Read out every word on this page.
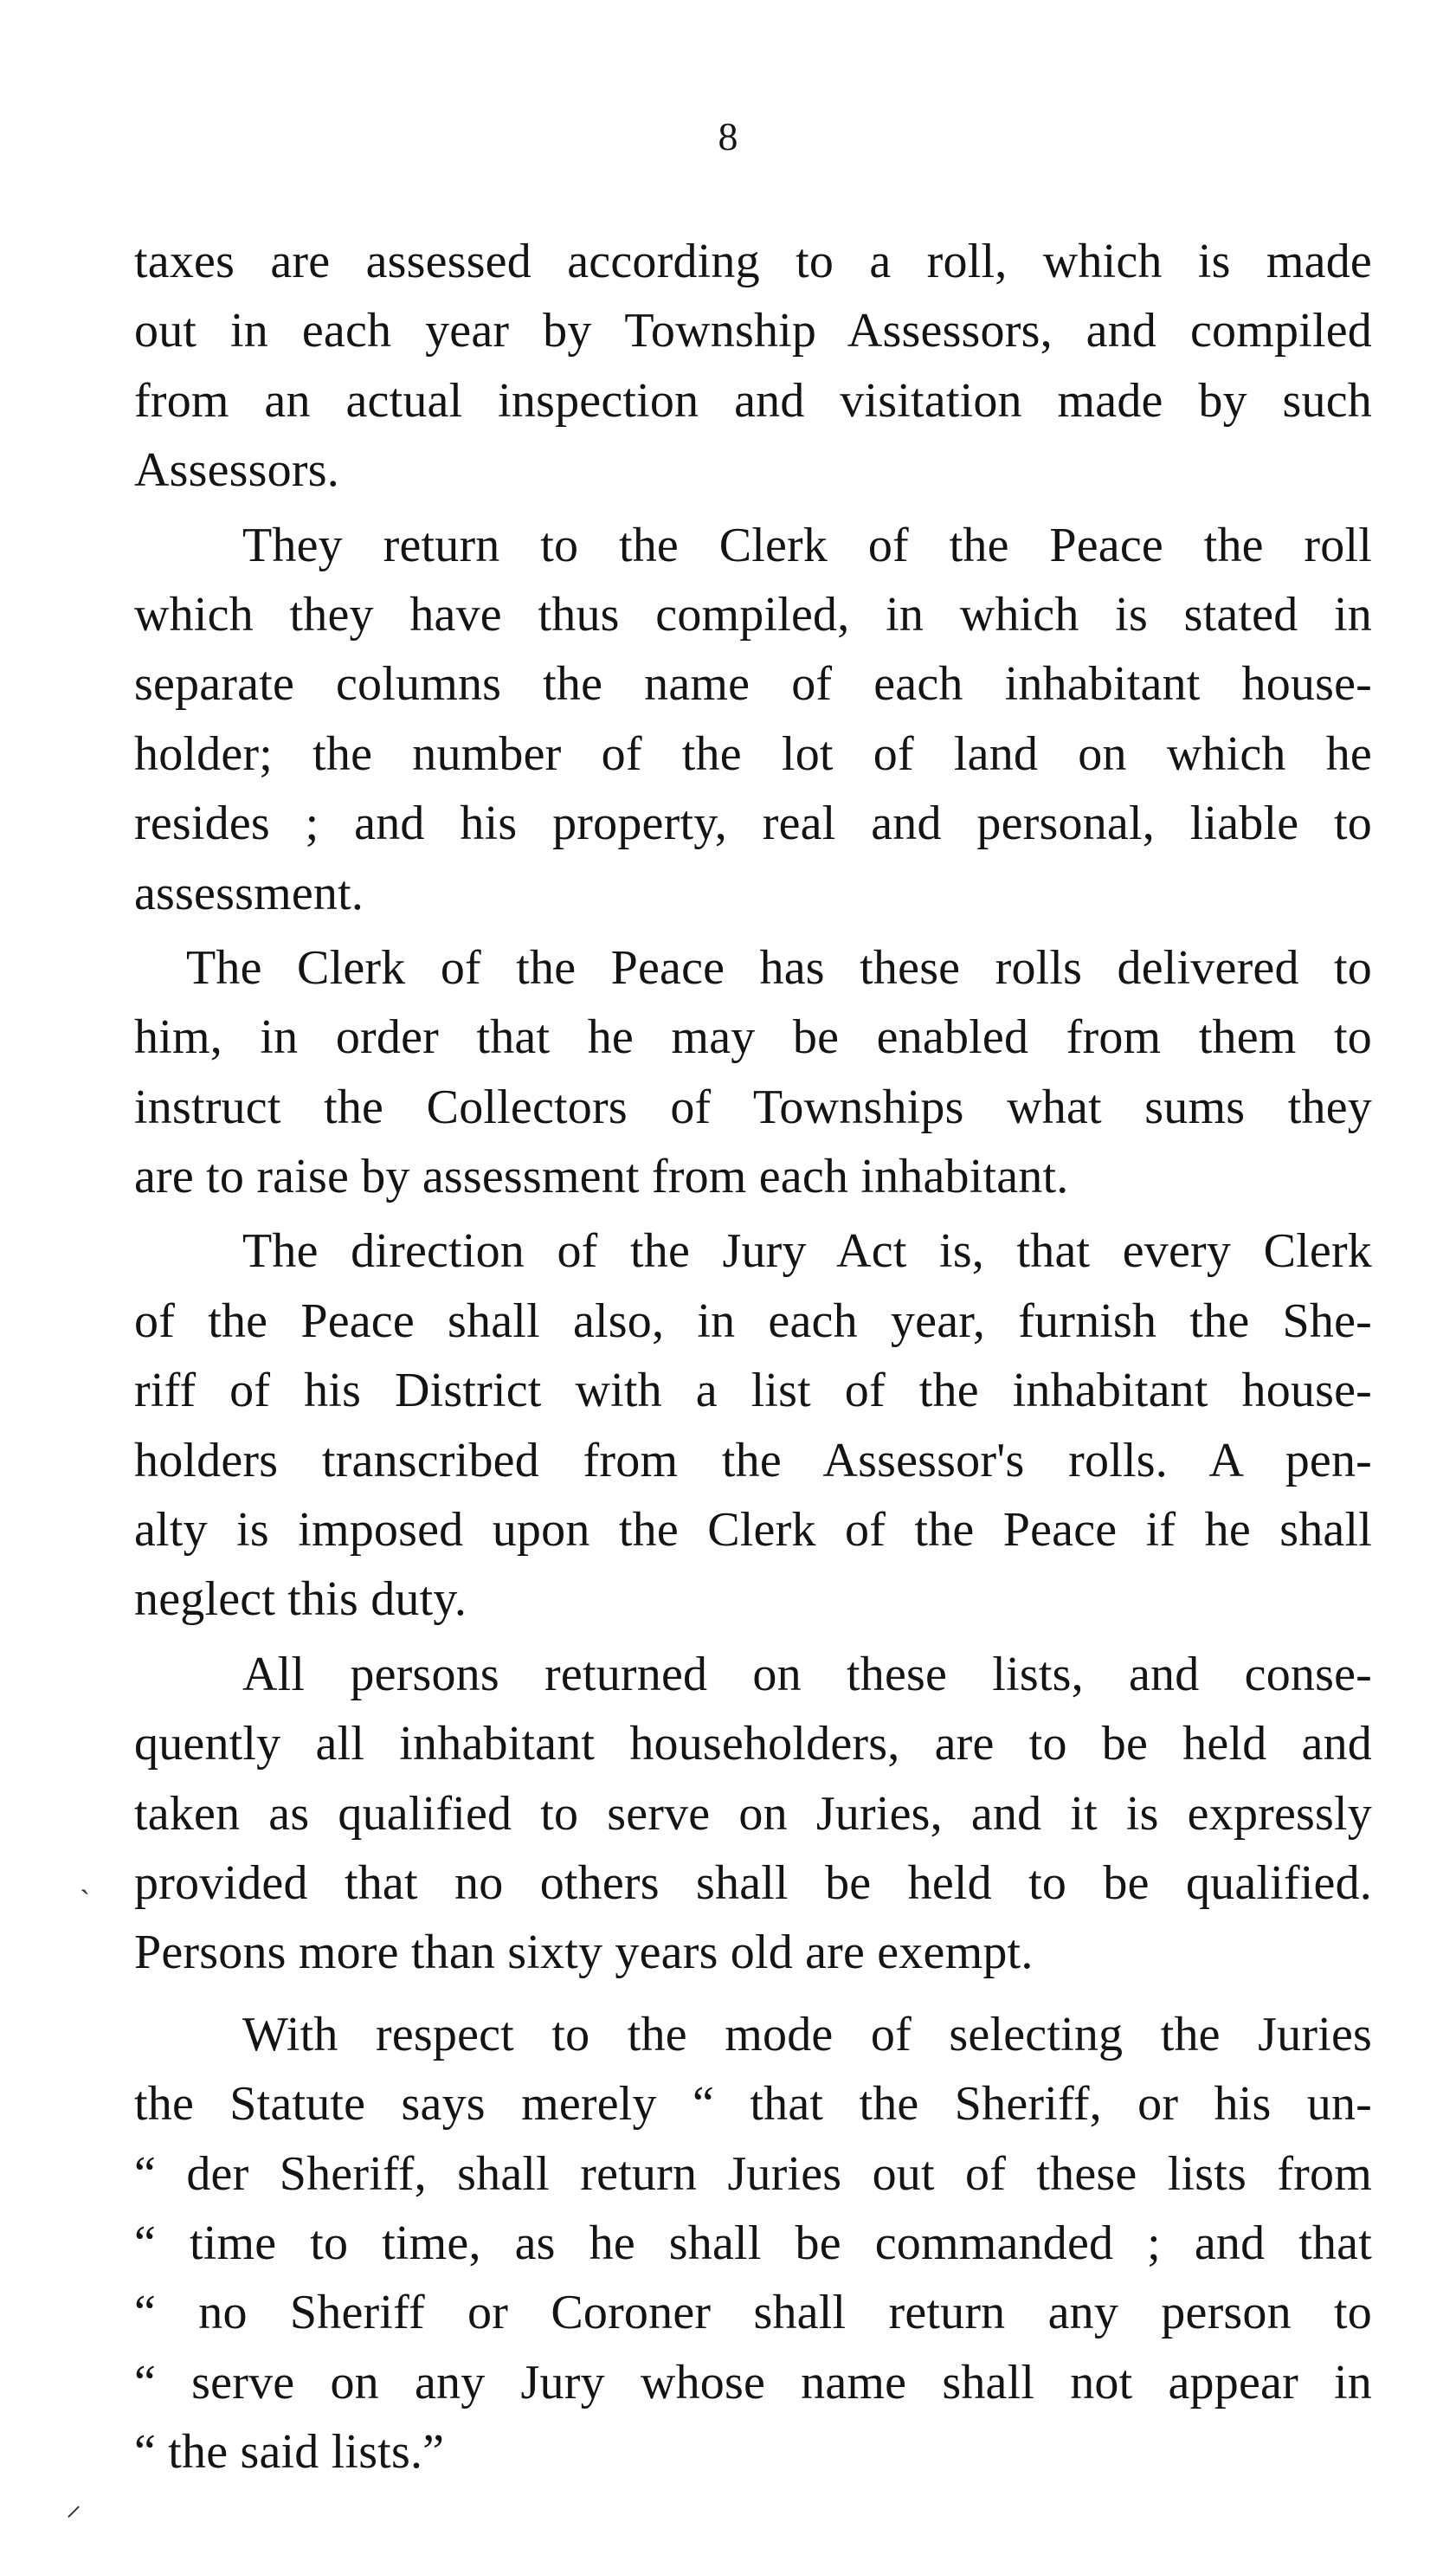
8
taxes are assessed according to a roll, which is made
out in each year by Township Assessors, and compiled
from an actual inspection and visitation made by such
Assessors.
They return to the Clerk of the Peace the roll
which they have thus compiled, in which is stated in
separate columns the name of each inhabitant house-
holder; the number of the lot of land on which he
resides ; and his property, real and personal, liable to
assessment.
The Clerk of the Peace has these rolls delivered to
him, in order that he may be enabled from them to
instruct the Collectors of Townships what sums they
are to raise by assessment from each inhabitant.
The direction of the Jury Act is, that every Clerk
of the Peace shall also, in each year, furnish the She-
riff of his District with a list of the inhabitant house-
holders transcribed from the Assessor's rolls. A pen-
alty is imposed upon the Clerk of the Peace if he shall
neglect this duty.
All persons returned on these lists, and conse-
quently all inhabitant householders, are to be held and
taken as qualified to serve on Juries, and it is expressly
provided that no others shall be held to be qualified.
Persons more than sixty years old are exempt.
With respect to the mode of selecting the Juries
the Statute says merely “ that the Sheriff, or his un-
“ der Sheriff, shall return Juries out of these lists from
“ time to time, as he shall be commanded ; and that
“ no Sheriff or Coroner shall return any person to
“ serve on any Jury whose name shall not appear in
“ the said lists.”
ˏ
⸝
